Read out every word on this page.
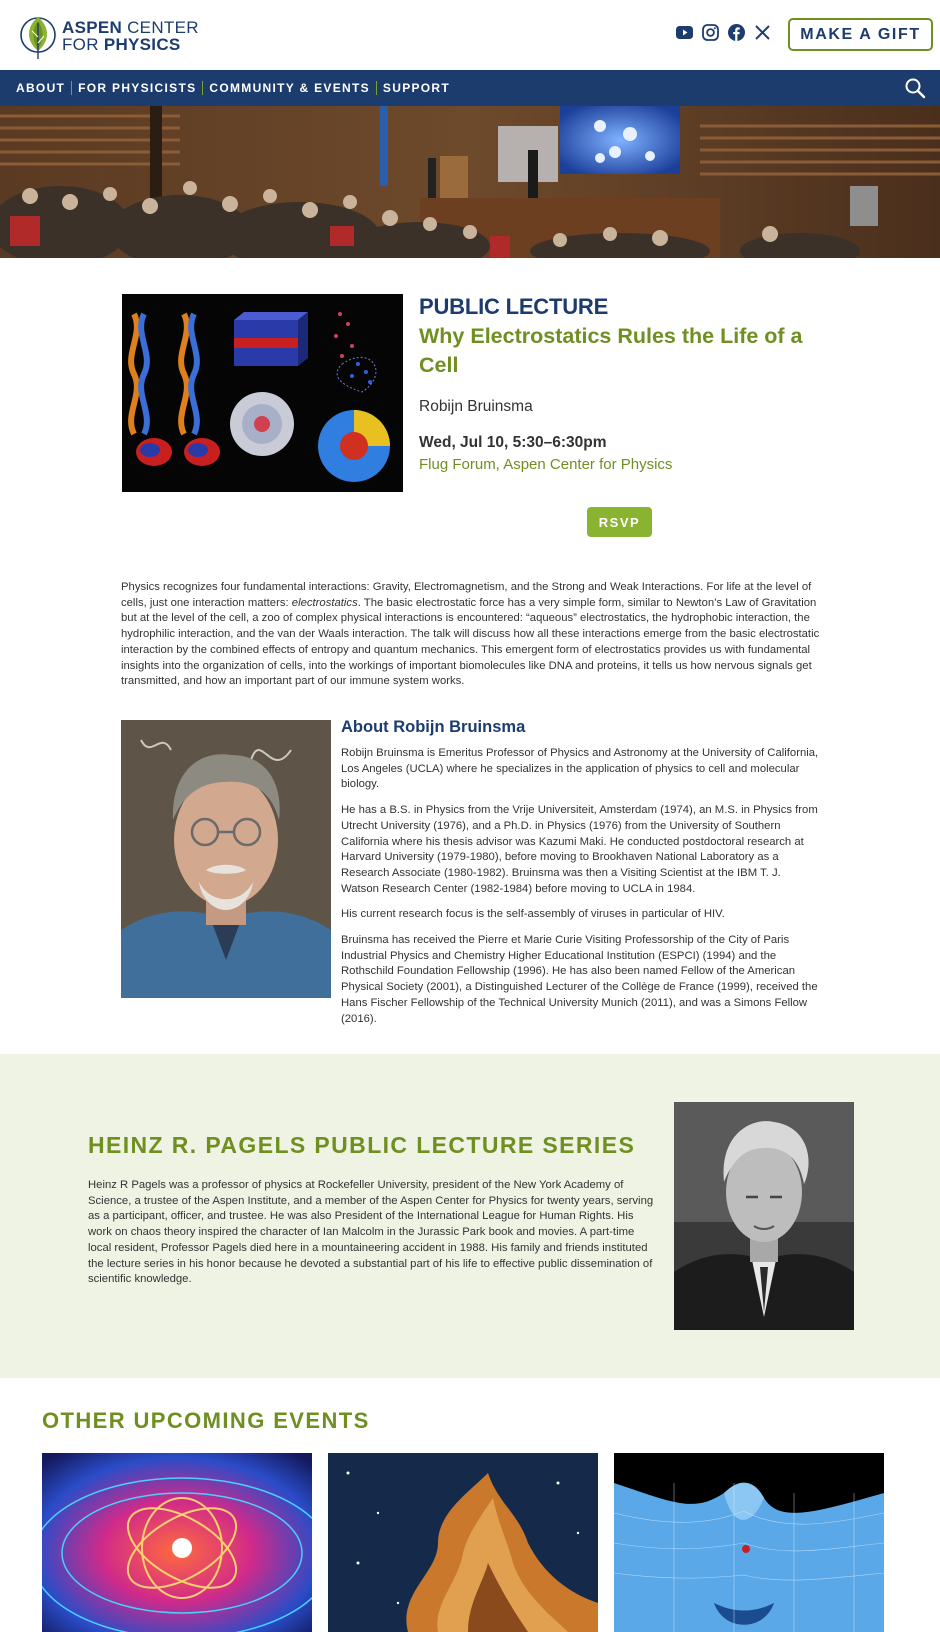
ASPEN CENTER
FOR PHYSICS
MAKE A GIFT
ABOUT	FOR PHYSICISTS	COMMUNITY & EVENTS	SUPPORT
PUBLIC LECTURE
Why Electrostatics Rules the Life of a Cell
Robijn Bruinsma
Wed, Jul 10, 5:30–6:30pm
Flug Forum, Aspen Center for Physics
RSVP
Physics recognizes four fundamental interactions: Gravity, Electromagnetism, and the Strong and Weak Interactions. For life at the level of cells, just one interaction matters: electrostatics. The basic electrostatic force has a very simple form, similar to Newton’s Law of Gravitation but at the level of the cell, a zoo of complex physical interactions is encountered: “aqueous” electrostatics, the hydrophobic interaction, the hydrophilic interaction, and the van der Waals interaction. The talk will discuss how all these interactions emerge from the basic electrostatic interaction by the combined effects of entropy and quantum mechanics. This emergent form of electrostatics provides us with fundamental insights into the organization of cells, into the workings of important biomolecules like DNA and proteins, it tells us how nervous signals get transmitted, and how an important part of our immune system works.
About Robijn Bruinsma

Robijn Bruinsma is Emeritus Professor of Physics and Astronomy at the University of California, Los Angeles (UCLA) where he specializes in the application of physics to cell and molecular biology.

He has a B.S. in Physics from the Vrije Universiteit, Amsterdam (1974), an M.S. in Physics from Utrecht University (1976), and a Ph.D. in Physics (1976) from the University of Southern California where his thesis advisor was Kazumi Maki. He conducted postdoctoral research at Harvard University (1979-1980), before moving to Brookhaven National Laboratory as a Research Associate (1980-1982). Bruinsma was then a Visiting Scientist at the IBM T. J. Watson Research Center (1982-1984) before moving to UCLA in 1984.

His current research focus is the self-assembly of viruses in particular of HIV.

Bruinsma has received the Pierre et Marie Curie Visiting Professorship of the City of Paris Industrial Physics and Chemistry Higher Educational Institution (ESPCI) (1994) and the Rothschild Foundation Fellowship (1996). He has also been named Fellow of the American Physical Society (2001), a Distinguished Lecturer of the Collège de France (1999), received the Hans Fischer Fellowship of the Technical University Munich (2011), and was a Simons Fellow (2016).

HEINZ R. PAGELS PUBLIC LECTURE SERIES
Heinz R Pagels was a professor of physics at Rockefeller University, president of the New York Academy of Science, a trustee of the Aspen Institute, and a member of the Aspen Center for Physics for twenty years, serving as a participant, officer, and trustee. He was also President of the International League for Human Rights. His work on chaos theory inspired the character of Ian Malcolm in the Jurassic Park book and movies. A part-time local resident, Professor Pagels died here in a mountaineering accident in 1988. His family and friends instituted the lecture series in his honor because he devoted a substantial part of his life to effective public dissemination of scientific knowledge.
OTHER UPCOMING EVENTS
